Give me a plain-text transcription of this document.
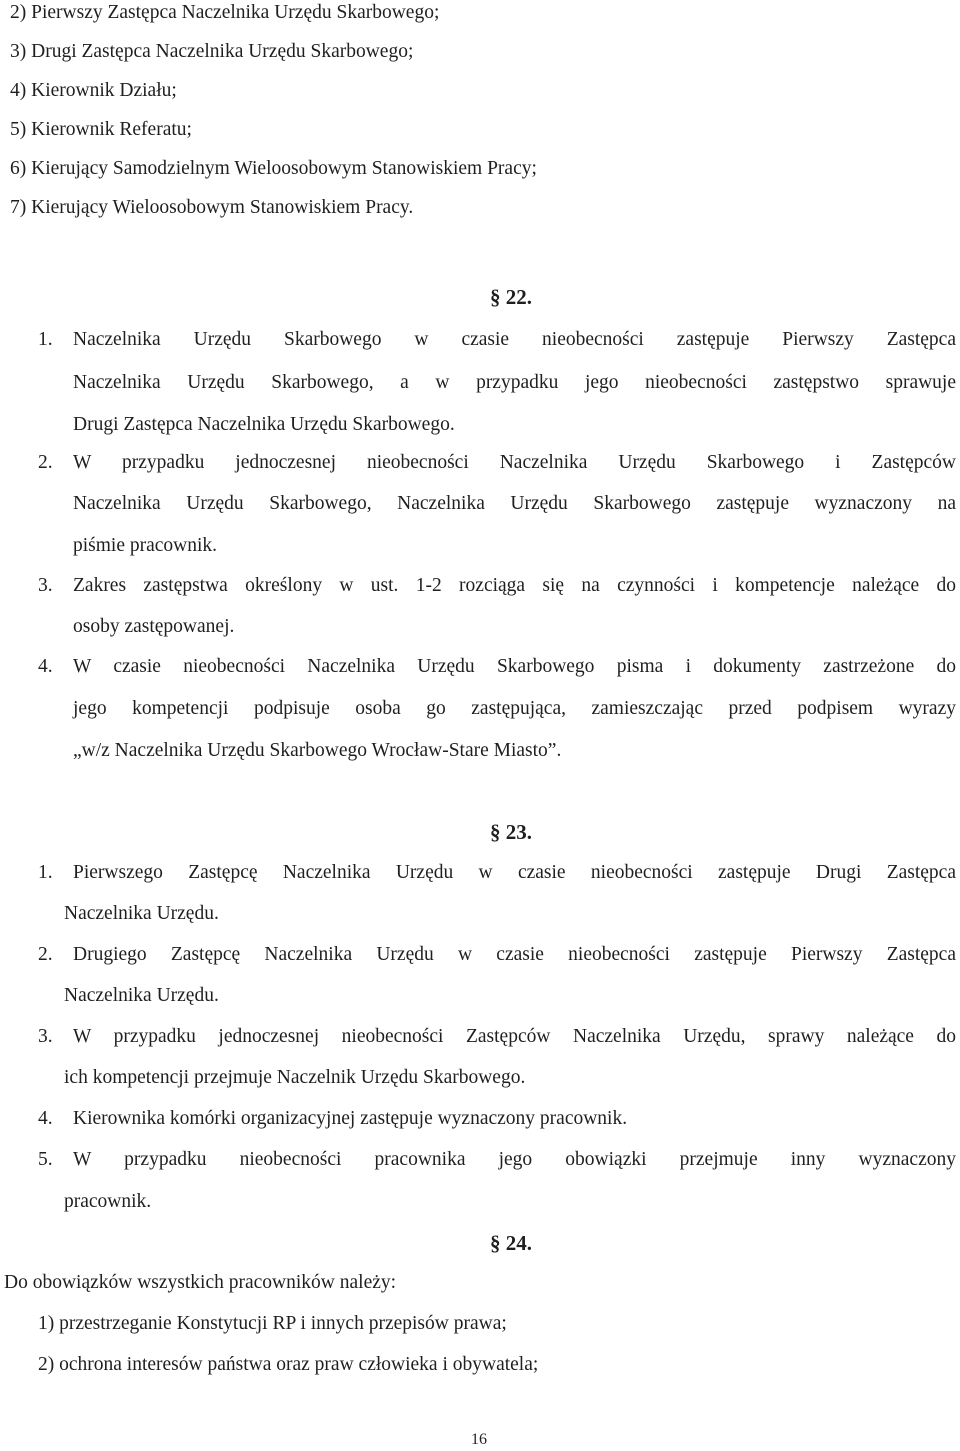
2) Pierwszy Zastępca Naczelnika Urzędu Skarbowego;
3) Drugi Zastępca Naczelnika Urzędu Skarbowego;
4) Kierownik Działu;
5) Kierownik Referatu;
6) Kierujący Samodzielnym Wieloosobowym Stanowiskiem Pracy;
7) Kierujący Wieloosobowym Stanowiskiem Pracy.
§ 22.
1. Naczelnika Urzędu Skarbowego w czasie nieobecności zastępuje Pierwszy Zastępca
Naczelnika Urzędu Skarbowego, a w przypadku jego nieobecności zastępstwo sprawuje
Drugi Zastępca Naczelnika Urzędu Skarbowego.
2. W przypadku jednoczesnej nieobecności Naczelnika Urzędu Skarbowego i Zastępców
Naczelnika Urzędu Skarbowego, Naczelnika Urzędu Skarbowego zastępuje wyznaczony na
piśmie pracownik.
3. Zakres zastępstwa określony w ust. 1-2 rozciąga się na czynności i kompetencje należące do
osoby zastępowanej.
4. W czasie nieobecności Naczelnika Urzędu Skarbowego pisma i dokumenty zastrzeżone do
jego kompetencji podpisuje osoba go zastępująca, zamieszczając przed podpisem wyrazy
„w/z Naczelnika Urzędu Skarbowego Wrocław-Stare Miasto”.
§ 23.
1. Pierwszego Zastępcę Naczelnika Urzędu w czasie nieobecności zastępuje Drugi Zastępca
Naczelnika Urzędu.
2. Drugiego Zastępcę Naczelnika Urzędu w czasie nieobecności zastępuje Pierwszy Zastępca
Naczelnika Urzędu.
3. W przypadku jednoczesnej nieobecności Zastępców Naczelnika Urzędu, sprawy należące do
ich kompetencji przejmuje Naczelnik Urzędu Skarbowego.
4. Kierownika komórki organizacyjnej zastępuje wyznaczony pracownik.
5. W przypadku nieobecności pracownika jego obowiązki przejmuje inny wyznaczony
pracownik.
§ 24.
Do obowiązków wszystkich pracowników należy:
1) przestrzeganie Konstytucji RP i innych przepisów prawa;
2) ochrona interesów państwa oraz praw człowieka i obywatela;
16
